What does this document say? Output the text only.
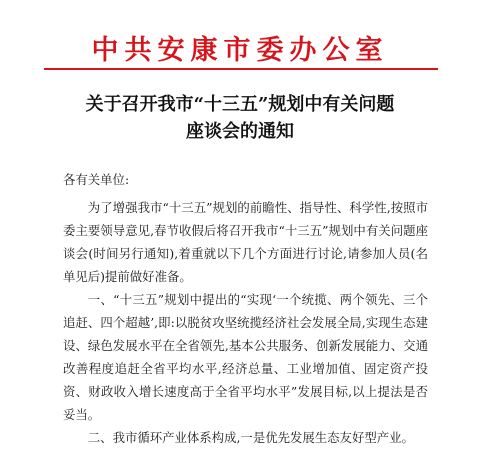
中共安康市委办公室
关于召开我市“十三五”规划中有关问题
座谈会的通知

各有关单位:

为了增强我市“十三五”规划的前瞻性、指导性、科学性,按照市委主要领导意见,春节收假后将召开我市“十三五”规划中有关问题座谈会(时间另行通知),着重就以下几个方面进行讨论,请参加人员(名单见后)提前做好准备。

一、“十三五”规划中提出的“实现‘一个统揽、两个领先、三个追赶、四个超越’,即:以脱贫攻坚统揽经济社会发展全局,实现生态建设、绿色发展水平在全省领先,基本公共服务、创新发展能力、交通改善程度追赶全省平均水平,经济总量、工业增加值、固定资产投资、财政收入增长速度高于全省平均水平”发展目标,以上提法是否妥当。

二、我市循环产业体系构成,一是优先发展生态友好型产业。
